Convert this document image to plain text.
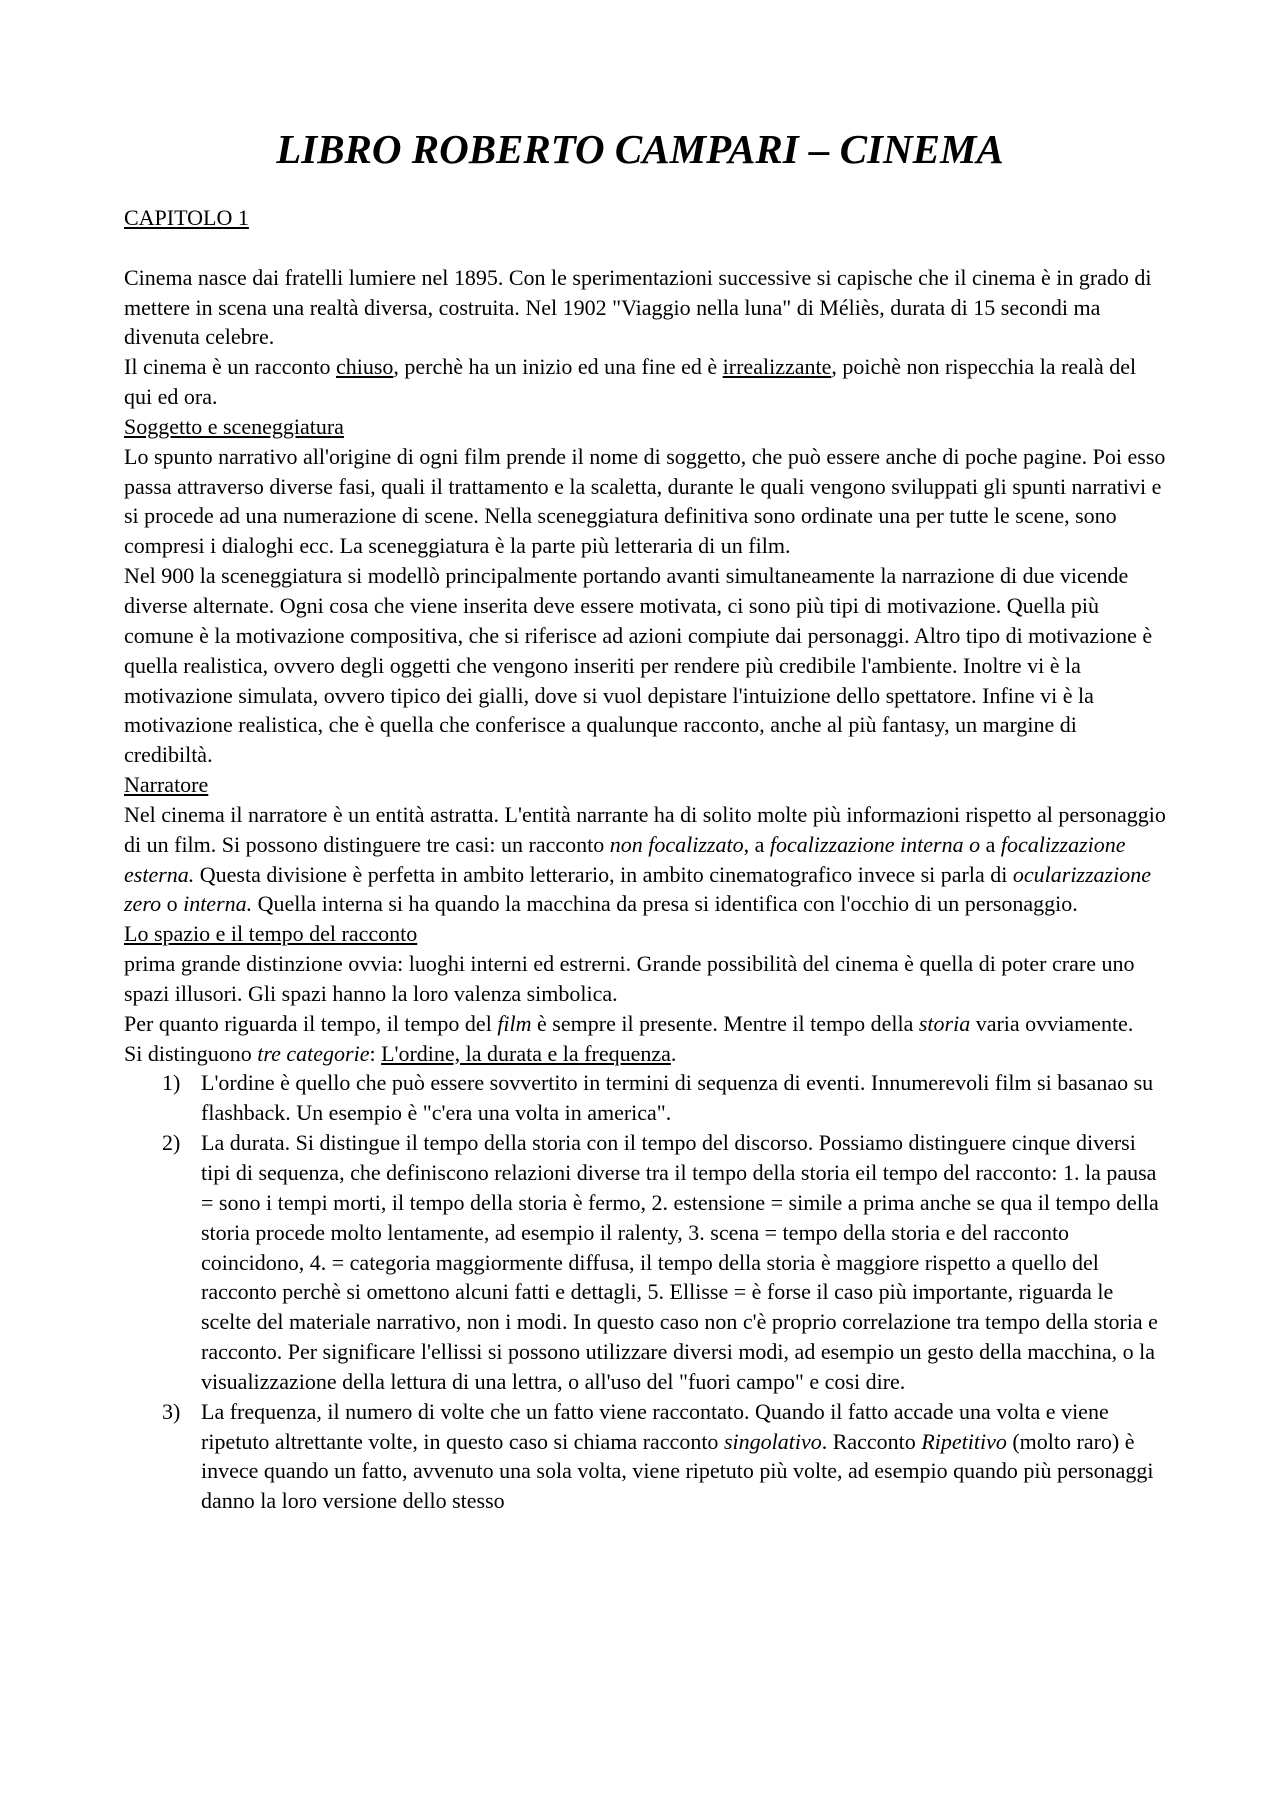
LIBRO ROBERTO CAMPARI – CINEMA

CAPITOLO 1

Cinema nasce dai fratelli lumiere nel 1895. Con le sperimentazioni successive si capische che il cinema è in grado di mettere in scena una realtà diversa, costruita. Nel 1902 "Viaggio nella luna" di Méliès, durata di 15 secondi ma divenuta celebre.

Il cinema è un racconto chiuso, perchè ha un inizio ed una fine ed è irrealizzante, poichè non rispecchia la realà del qui ed ora.

Soggetto e sceneggiatura

Lo spunto narrativo all'origine di ogni film prende il nome di soggetto, che può essere anche di poche pagine. Poi esso passa attraverso diverse fasi, quali il trattamento e la scaletta, durante le quali vengono sviluppati gli spunti narrativi e si procede ad una numerazione di scene. Nella sceneggiatura definitiva sono ordinate una per tutte le scene, sono compresi i dialoghi ecc. La sceneggiatura è la parte più letteraria di un film.

Nel 900 la sceneggiatura si modellò principalmente portando avanti simultaneamente la narrazione di due vicende diverse alternate. Ogni cosa che viene inserita deve essere motivata, ci sono più tipi di motivazione. Quella più comune è la motivazione compositiva, che si riferisce ad azioni compiute dai personaggi. Altro tipo di motivazione è quella realistica, ovvero degli oggetti che vengono inseriti per rendere più credibile l'ambiente. Inoltre vi è la motivazione simulata, ovvero tipico dei gialli, dove si vuol depistare l'intuizione dello spettatore. Infine vi è la motivazione realistica, che è quella che conferisce a qualunque racconto, anche al più fantasy, un margine di credibiltà.

Narratore

Nel cinema il narratore è un entità astratta. L'entità narrante ha di solito molte più informazioni rispetto al personaggio di un film. Si possono distinguere tre casi: un racconto non focalizzato, a focalizzazione interna o a focalizzazione esterna. Questa divisione è perfetta in ambito letterario, in ambito cinematografico invece si parla di ocularizzazione zero o interna. Quella interna si ha quando la macchina da presa si identifica con l'occhio di un personaggio.

Lo spazio e il tempo del racconto

prima grande distinzione ovvia: luoghi interni ed estrerni. Grande possibilità del cinema è quella di poter crare uno spazi illusori. Gli spazi hanno la loro valenza simbolica.

Per quanto riguarda il tempo, il tempo del film è sempre il presente. Mentre il tempo della storia varia ovviamente.

Si distinguono tre categorie: L'ordine, la durata e la frequenza.

1) L'ordine è quello che può essere sovvertito in termini di sequenza di eventi. Innumerevoli film si basanao su flashback. Un esempio è "c'era una volta in america".
2) La durata. Si distingue il tempo della storia con il tempo del discorso. Possiamo distinguere cinque diversi tipi di sequenza, che definiscono relazioni diverse tra il tempo della storia eil tempo del racconto: 1. la pausa = sono i tempi morti, il tempo della storia è fermo, 2. estensione = simile a prima anche se qua il tempo della storia procede molto lentamente, ad esempio il ralenty, 3. scena = tempo della storia e del racconto coincidono, 4. = categoria maggiormente diffusa, il tempo della storia è maggiore rispetto a quello del racconto perchè si omettono alcuni fatti e dettagli, 5. Ellisse = è forse il caso più importante, riguarda le scelte del materiale narrativo, non i modi. In questo caso non c'è proprio correlazione tra tempo della storia e racconto. Per significare l'ellissi si possono utilizzare diversi modi, ad esempio un gesto della macchina, o la visualizzazione della lettura di una lettra, o all'uso del "fuori campo" e cosi dire.
3) La frequenza, il numero di volte che un fatto viene raccontato. Quando il fatto accade una volta e viene ripetuto altrettante volte, in questo caso si chiama racconto singolativo. Racconto Ripetitivo (molto raro) è invece quando un fatto, avvenuto una sola volta, viene ripetuto più volte, ad esempio quando più personaggi danno la loro versione dello stesso
